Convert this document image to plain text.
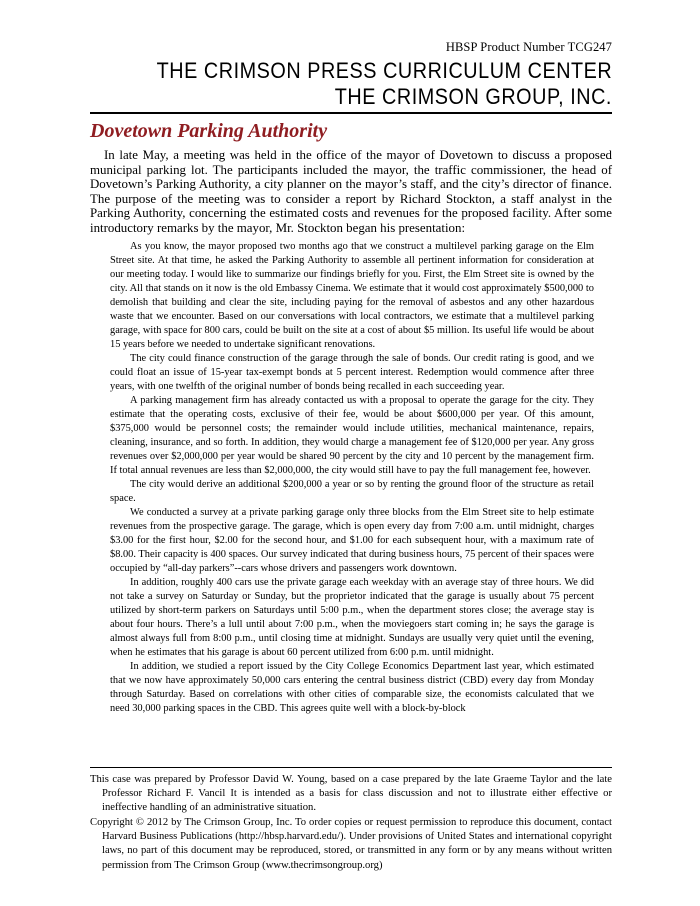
HBSP Product Number TCG247
THE CRIMSON PRESS CURRICULUM CENTER
THE CRIMSON GROUP, INC.
Dovetown Parking Authority

In late May, a meeting was held in the office of the mayor of Dovetown to discuss a proposed municipal parking lot. The participants included the mayor, the traffic commissioner, the head of Dovetown’s Parking Authority, a city planner on the mayor’s staff, and the city’s director of finance. The purpose of the meeting was to consider a report by Richard Stockton, a staff analyst in the Parking Authority, concerning the estimated costs and revenues for the proposed facility. After some introductory remarks by the mayor, Mr. Stockton began his presentation:

As you know, the mayor proposed two months ago that we construct a multilevel parking garage on the Elm Street site. At that time, he asked the Parking Authority to assemble all pertinent information for consideration at our meeting today. I would like to summarize our findings briefly for you. First, the Elm Street site is owned by the city. All that stands on it now is the old Embassy Cinema. We estimate that it would cost approximately $500,000 to demolish that building and clear the site, including paying for the removal of asbestos and any other hazardous waste that we encounter. Based on our conversations with local contractors, we estimate that a multilevel parking garage, with space for 800 cars, could be built on the site at a cost of about $5 million. Its useful life would be about 15 years before we needed to undertake significant renovations.

The city could finance construction of the garage through the sale of bonds. Our credit rating is good, and we could float an issue of 15-year tax-exempt bonds at 5 percent interest. Redemption would commence after three years, with one twelfth of the original number of bonds being recalled in each succeeding year.

A parking management firm has already contacted us with a proposal to operate the garage for the city. They estimate that the operating costs, exclusive of their fee, would be about $600,000 per year. Of this amount, $375,000 would be personnel costs; the remainder would include utilities, mechanical maintenance, repairs, cleaning, insurance, and so forth. In addition, they would charge a management fee of $120,000 per year. Any gross revenues over $2,000,000 per year would be shared 90 percent by the city and 10 percent by the management firm. If total annual revenues are less than $2,000,000, the city would still have to pay the full management fee, however.

The city would derive an additional $200,000 a year or so by renting the ground floor of the structure as retail space.

We conducted a survey at a private parking garage only three blocks from the Elm Street site to help estimate revenues from the prospective garage. The garage, which is open every day from 7:00 a.m. until midnight, charges $3.00 for the first hour, $2.00 for the second hour, and $1.00 for each subsequent hour, with a maximum rate of $8.00. Their capacity is 400 spaces. Our survey indicated that during business hours, 75 percent of their spaces were occupied by “all-day parkers”--cars whose drivers and passengers work downtown.

In addition, roughly 400 cars use the private garage each weekday with an average stay of three hours. We did not take a survey on Saturday or Sunday, but the proprietor indicated that the garage is usually about 75 percent utilized by short-term parkers on Saturdays until 5:00 p.m., when the department stores close; the average stay is about four hours. There’s a lull until about 7:00 p.m., when the moviegoers start coming in; he says the garage is almost always full from 8:00 p.m., until closing time at midnight. Sundays are usually very quiet until the evening, when he estimates that his garage is about 60 percent utilized from 6:00 p.m. until midnight.

In addition, we studied a report issued by the City College Economics Department last year, which estimated that we now have approximately 50,000 cars entering the central business district (CBD) every day from Monday through Saturday. Based on correlations with other cities of comparable size, the economists calculated that we need 30,000 parking spaces in the CBD. This agrees quite well with a block-by-block

This case was prepared by Professor David W. Young, based on a case prepared by the late Graeme Taylor and the late Professor Richard F. Vancil It is intended as a basis for class discussion and not to illustrate either effective or ineffective handling of an administrative situation.

Copyright © 2012 by The Crimson Group, Inc. To order copies or request permission to reproduce this document, contact Harvard Business Publications (http://hbsp.harvard.edu/). Under provisions of United States and international copyright laws, no part of this document may be reproduced, stored, or transmitted in any form or by any means without written permission from The Crimson Group (www.thecrimsongroup.org)
